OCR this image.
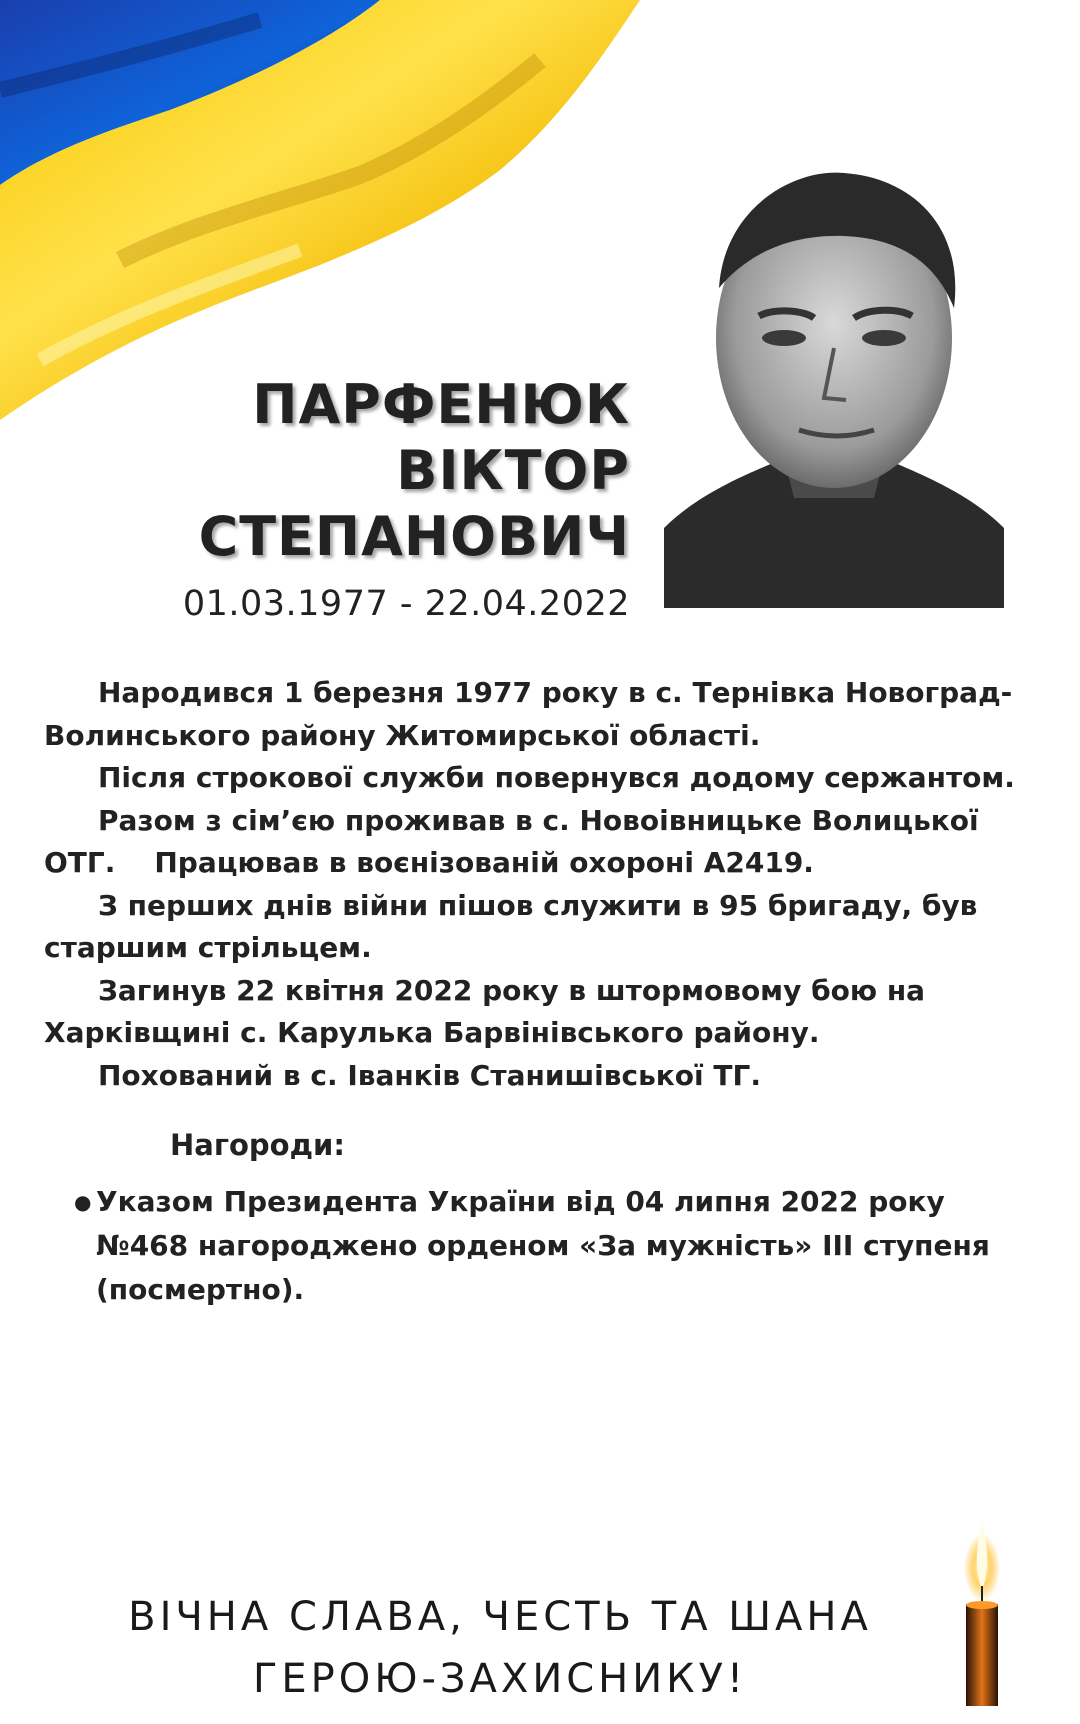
ПАРФЕНЮК
ВІКТОР
СТЕПАНОВИЧ
01.03.1977 - 22.04.2022

Народився 1 березня 1977 року в с. Тернівка Новоград-Волинського району Житомирської області.

Після строкової служби повернувся додому сержантом.

Разом з сім’єю проживав в с. Новоівницьке Волицької ОТГ.    Працював в воєнізованій охороні А2419.

З перших днів війни пішов служити в 95 бригаду, був старшим стрільцем.

Загинув 22 квітня 2022 року в штормовому бою на Харківщині с. Карулька Барвінівського району.

Похований в с. Іванків Станишівської ТГ.

Нагороди:
● Указом Президента України від 04 липня 2022 року №468 нагороджено орденом «За мужність» ІІІ ступеня (посмертно).
ВІЧНА СЛАВА, ЧЕСТЬ ТА ШАНА
ГЕРОЮ-ЗАХИСНИКУ!
